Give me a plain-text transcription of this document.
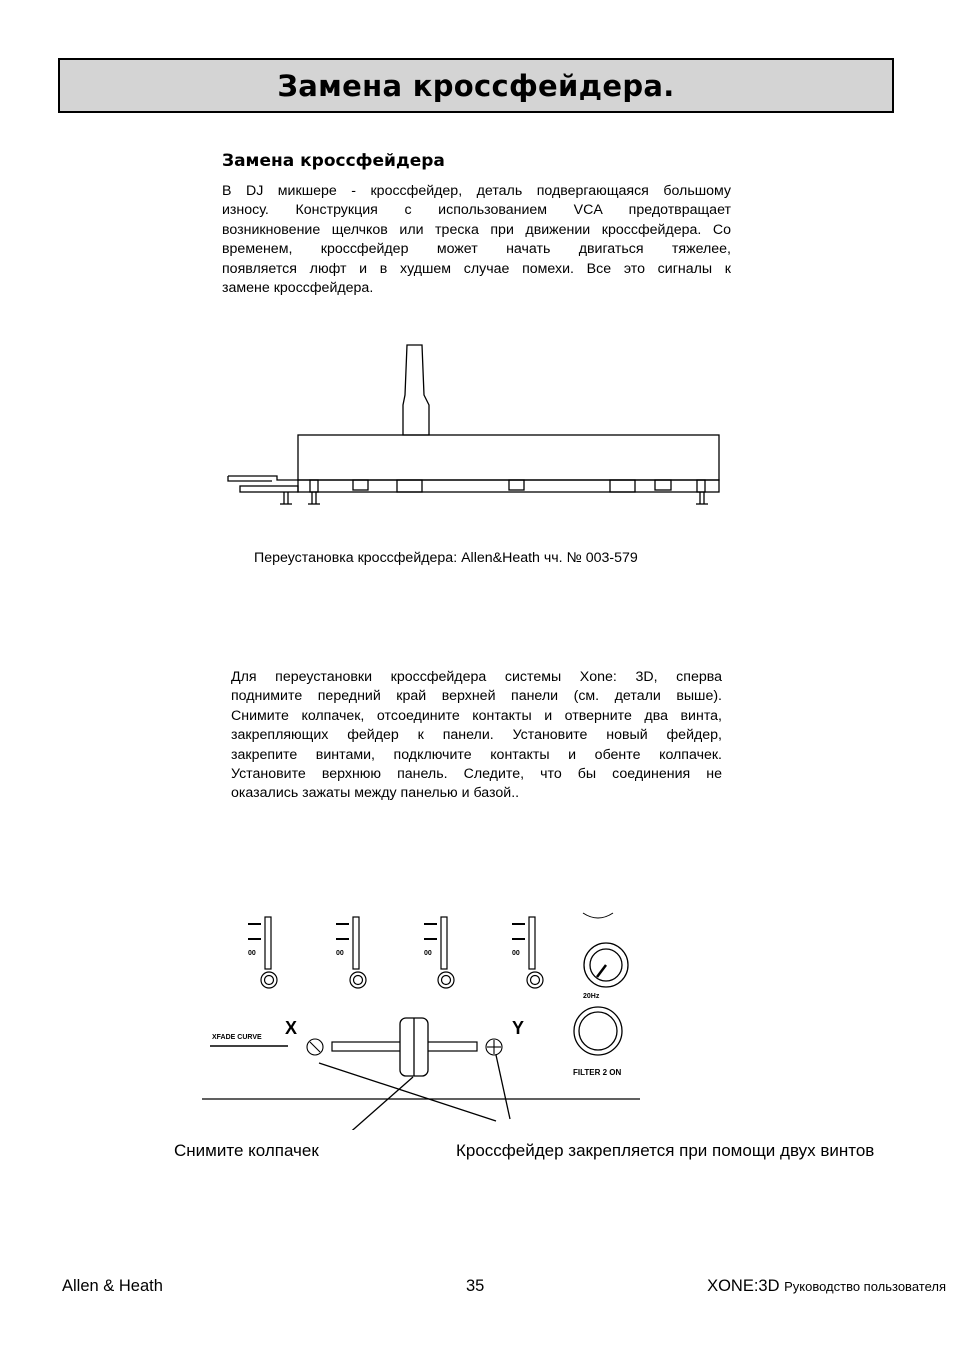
Замена кроссфейдера.
Замена кроссфейдера
В DJ микшере - кроссфейдер, деталь подвергающаяся большому
износу. Конструкция с использованием VCA предотвращает
возникновение щелчков или треска при движении кроссфейдера. Со
временем, кроссфейдер может начать двигаться тяжелее,
появляется люфт и в худшем случае помехи. Все это сигналы к
замене кроссфейдера.
Переустановка кроссфейдера: Allen&Heath чч. № 003-579
Для переустановки кроссфейдера системы Xone: 3D, сперва
поднимите передний край верхней панели (см. детали выше).
Снимите колпачек, отсоедините контакты и отверните два винта,
закрепляющих фейдер к панели. Установите новый фейдер,
закрепите винтами, подключите контакты и обенте колпачек.
Установите верхнюю панель. Следите, что бы соединения не
оказались зажаты между панелью и базой..
00	00	00	00
20Hz
FILTER 2 ON
X	Y
XFADE CURVE
Снимите колпачек	Кроссфейдер закрепляется при помощи двух винтов
Allen & Heath	35	XONE:3D Руководство пользователя
